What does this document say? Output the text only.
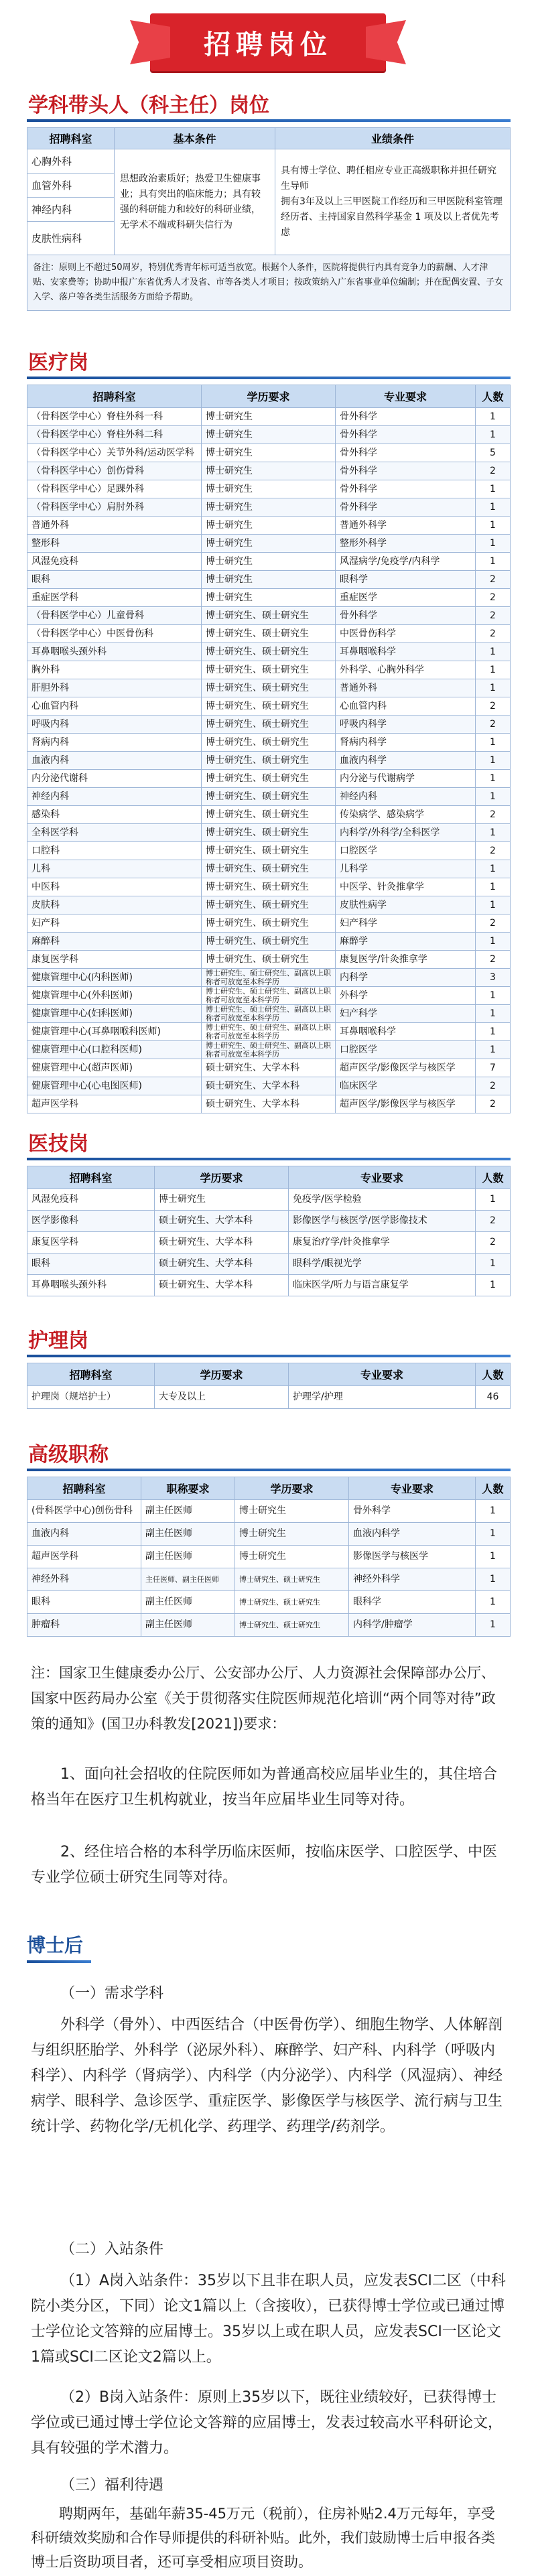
招聘岗位
学科带头人（科主任）岗位
招聘科室	基本条件	业绩条件
心胸外科	思想政治素质好；热爱卫生健康事业；具有突出的临床能力；具有较强的科研能力和较好的科研业绩，无学术不端或科研失信行为	具有博士学位、聘任相应专业正高级职称并担任研究生导师
拥有3年及以上三甲医院工作经历和三甲医院科室管理经历者、主持国家自然科学基金 1 项及以上者优先考虑
血管外科		
神经内科		
皮肤性病科		
备注：原则上不超过50周岁，特别优秀青年标可适当放宽。根据个人条件，医院将提供行内具有竞争力的薪酬、人才津贴、安家费等；协助申报广东省优秀人才及省、市等各类人才项目；按政策纳入广东省事业单位编制；并在配偶安置、子女入学、落户等各类生活服务方面给予帮助。		
医疗岗
招聘科室	学历要求	专业要求	人数
（骨科医学中心）脊柱外科一科	博士研究生	骨外科学	1
（骨科医学中心）脊柱外科二科	博士研究生	骨外科学	1
（骨科医学中心）关节外科/运动医学科	博士研究生	骨外科学	5
（骨科医学中心）创伤骨科	博士研究生	骨外科学	2
（骨科医学中心）足踝外科	博士研究生	骨外科学	1
（骨科医学中心）肩肘外科	博士研究生	骨外科学	1
普通外科	博士研究生	普通外科学	1
整形科	博士研究生	整形外科学	1
风湿免疫科	博士研究生	风湿病学/免疫学/内科学	1
眼科	博士研究生	眼科学	2
重症医学科	博士研究生	重症医学	2
（骨科医学中心）儿童骨科	博士研究生、硕士研究生	骨外科学	2
（骨科医学中心）中医骨伤科	博士研究生、硕士研究生	中医骨伤科学	2
耳鼻咽喉头颈外科	博士研究生、硕士研究生	耳鼻咽喉科学	1
胸外科	博士研究生、硕士研究生	外科学、心胸外科学	1
肝胆外科	博士研究生、硕士研究生	普通外科	1
心血管内科	博士研究生、硕士研究生	心血管内科	2
呼吸内科	博士研究生、硕士研究生	呼吸内科学	2
肾病内科	博士研究生、硕士研究生	肾病内科学	1
血液内科	博士研究生、硕士研究生	血液内科学	1
内分泌代谢科	博士研究生、硕士研究生	内分泌与代谢病学	1
神经内科	博士研究生、硕士研究生	神经内科	1
感染科	博士研究生、硕士研究生	传染病学、感染病学	2
全科医学科	博士研究生、硕士研究生	内科学/外科学/全科医学	1
口腔科	博士研究生、硕士研究生	口腔医学	2
儿科	博士研究生、硕士研究生	儿科学	1
中医科	博士研究生、硕士研究生	中医学、针灸推拿学	1
皮肤科	博士研究生、硕士研究生	皮肤性病学	1
妇产科	博士研究生、硕士研究生	妇产科学	2
麻醉科	博士研究生、硕士研究生	麻醉学	1
康复医学科	博士研究生、硕士研究生	康复医学/针灸推拿学	2
健康管理中心(内科医师)	博士研究生、硕士研究生、副高以上职称者可放宽至本科学历	内科学	3
健康管理中心(外科医师)	博士研究生、硕士研究生、副高以上职称者可放宽至本科学历	外科学	1
健康管理中心(妇科医师)	博士研究生、硕士研究生、副高以上职称者可放宽至本科学历	妇产科学	1
健康管理中心(耳鼻咽喉科医师)	博士研究生、硕士研究生、副高以上职称者可放宽至本科学历	耳鼻咽喉科学	1
健康管理中心(口腔科医师)	博士研究生、硕士研究生、副高以上职称者可放宽至本科学历	口腔医学	1
健康管理中心(超声医师)	硕士研究生、大学本科	超声医学/影像医学与核医学	7
健康管理中心(心电图医师)	硕士研究生、大学本科	临床医学	2
超声医学科	硕士研究生、大学本科	超声医学/影像医学与核医学	2
医技岗
招聘科室	学历要求	专业要求	人数
风湿免疫科	博士研究生	免疫学/医学检验	1
医学影像科	硕士研究生、大学本科	影像医学与核医学/医学影像技术	2
康复医学科	硕士研究生、大学本科	康复治疗学/针灸推拿学	2
眼科	硕士研究生、大学本科	眼科学/眼视光学	1
耳鼻咽喉头颈外科	硕士研究生、大学本科	临床医学/听力与语言康复学	1
护理岗
招聘科室	学历要求	专业要求	人数
护理岗（规培护士）	大专及以上	护理学/护理	46
高级职称
招聘科室	职称要求	学历要求	专业要求	人数
(骨科医学中心)创伤骨科	副主任医师	博士研究生	骨外科学	1
血液内科	副主任医师	博士研究生	血液内科学	1
超声医学科	副主任医师	博士研究生	影像医学与核医学	1
神经外科	主任医师、副主任医师	博士研究生、硕士研究生	神经外科学	1
眼科	副主任医师	博士研究生、硕士研究生	眼科学	1
肿瘤科	副主任医师	博士研究生、硕士研究生	内科学/肿瘤学	1
注：国家卫生健康委办公厅、公安部办公厅、人力资源社会保障部办公厅、国家中医药局办公室《关于贯彻落实住院医师规范化培训“两个同等对待”政策的通知》(国卫办科教发[2021])要求：
1、面向社会招收的住院医师如为普通高校应届毕业生的，其住培合格当年在医疗卫生机构就业，按当年应届毕业生同等对待。
2、经住培合格的本科学历临床医师，按临床医学、口腔医学、中医专业学位硕士研究生同等对待。
博士后
（一）需求学科
外科学（骨外）、中西医结合（中医骨伤学）、细胞生物学、人体解剖与组织胚胎学、外科学（泌尿外科）、麻醉学、妇产科、内科学（呼吸内科学）、内科学（肾病学）、内科学（内分泌学）、内科学（风湿病）、神经病学、眼科学、急诊医学、重症医学、影像医学与核医学、流行病与卫生统计学、药物化学/无机化学、药理学、药理学/药剂学。
（二）入站条件
（1）A岗入站条件：35岁以下且非在职人员，应发表SCI二区（中科院小类分区，下同）论文1篇以上（含接收），已获得博士学位或已通过博士学位论文答辩的应届博士。35岁以上或在职人员，应发表SCI一区论文1篇或SCI二区论文2篇以上。
（2）B岗入站条件：原则上35岁以下，既往业绩较好，已获得博士学位或已通过博士学位论文答辩的应届博士，发表过较高水平科研论文，具有较强的学术潜力。
（三）福利待遇
聘期两年，基础年薪35-45万元（税前），住房补贴2.4万元每年，享受科研绩效奖励和合作导师提供的科研补贴。此外，我们鼓励博士后申报各类博士后资助项目者，还可享受相应项目资助。
